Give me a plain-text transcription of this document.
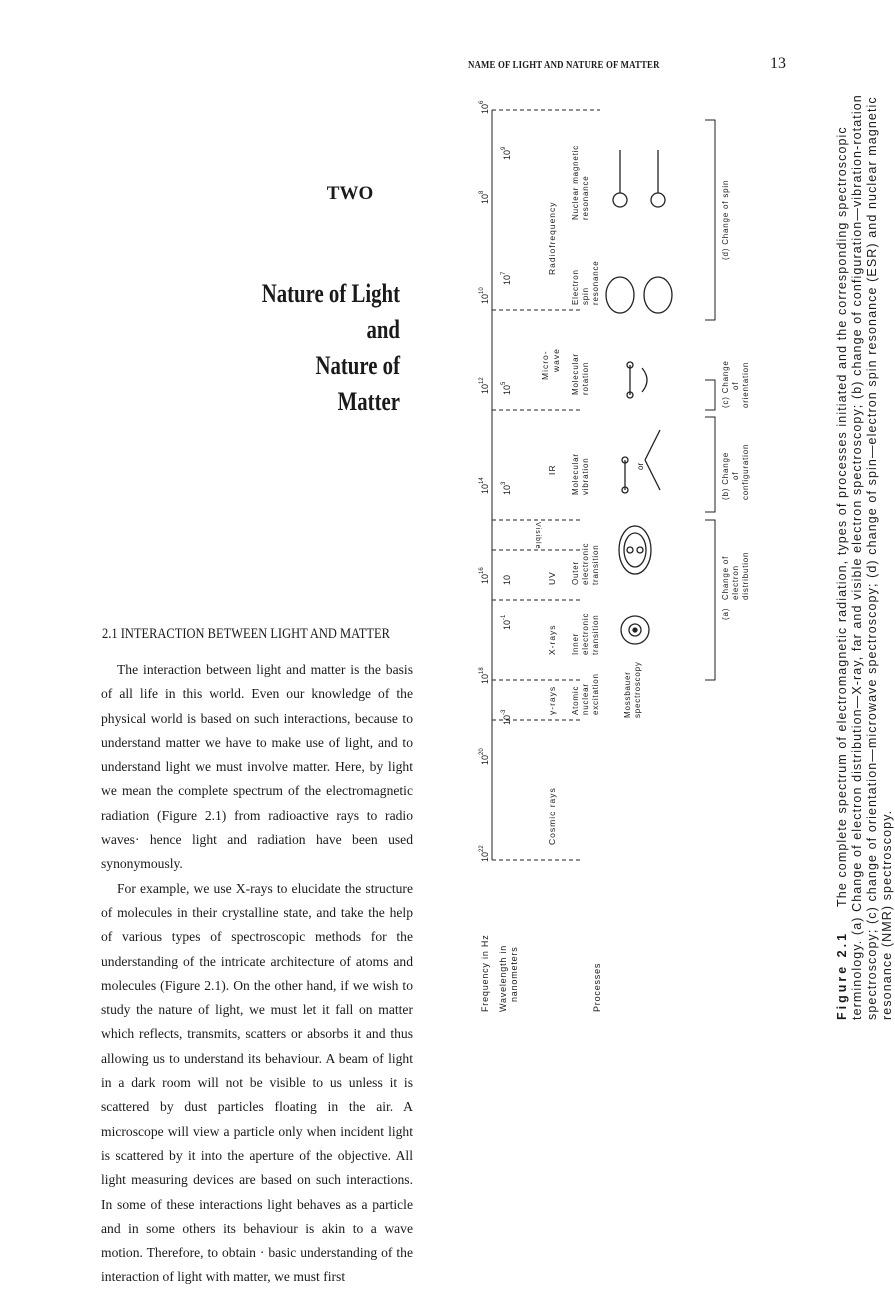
NAME OF LIGHT AND NATURE OF MATTER	13
TWO
Nature of Light and
Nature of Matter
2.1 INTERACTION BETWEEN LIGHT AND MATTER

The interaction between light and matter is the basis of all life in this world. Even our knowledge of the physical world is based on such interactions, because to understand matter we have to make use of light, and to understand light we must involve matter. Here, by light we mean the complete spectrum of the electromagnetic radiation (Figure 2.1) from radioactive rays to radio waves· hence light and radiation have been used synonymously.

For example, we use X-rays to elucidate the structure of molecules in their crystalline state, and take the help of various types of spectroscopic methods for the understanding of the intricate architecture of atoms and molecules (Figure 2.1). On the other hand, if we wish to study the nature of light, we must let it fall on matter which reflects, transmits, scatters or absorbs it and thus allowing us to understand its behaviour. A beam of light in a dark room will not be visible to us unless it is scattered by dust particles floating in the air. A microscope will view a particle only when incident light is scattered by it into the aperture of the objective. All light measuring devices are based on such interactions. In some of these interactions light behaves as a particle and in some others its behaviour is akin to a wave motion. Therefore, to obtain · basic understanding of the interaction of light with matter, we must first

Frequency in Hz Wavelength in nanometers	Processes
$10^{22}$
$10^{20}$
$10^{18}$
$10^{16}$
$10^{14}$
$10^{12}$
$10^{10}$
$10^8$
$10^6$
$10^{-3}$
$10^{-1}$
10
$10^3$
$10^5$
$10^7$
$10^9$
Cosmic rays
γ-rays
X-rays
UV
Visible
IR
Micro- wave
Radiofrequency
Atomicnuclearexcitation
Innerelectronictransition
Outerelectronictransition
Molecularvibration
Molecularrotation
Electronspinresonance
Nuclear magneticresonance
or
Mossbauerspectroscopy
(a)Change ofelectrondistribution
(b) Changeofconfiguration
(c) Changeoforientation
(d) Change of spin
Figure 2.1The complete spectrum of electromagnetic radiation, types of processes initiated and the corresponding spectroscopic terminology. (a) Change of electron distribution—X-ray, far and visible electron spectroscopy; (b) change of configuration—vibration-rotation spectroscopy; (c) change of orientation—microwave spectroscopy; (d) change of spin—electron spin resonance (ESR) and nuclear magnetic resonance (NMR) spectroscopy.
